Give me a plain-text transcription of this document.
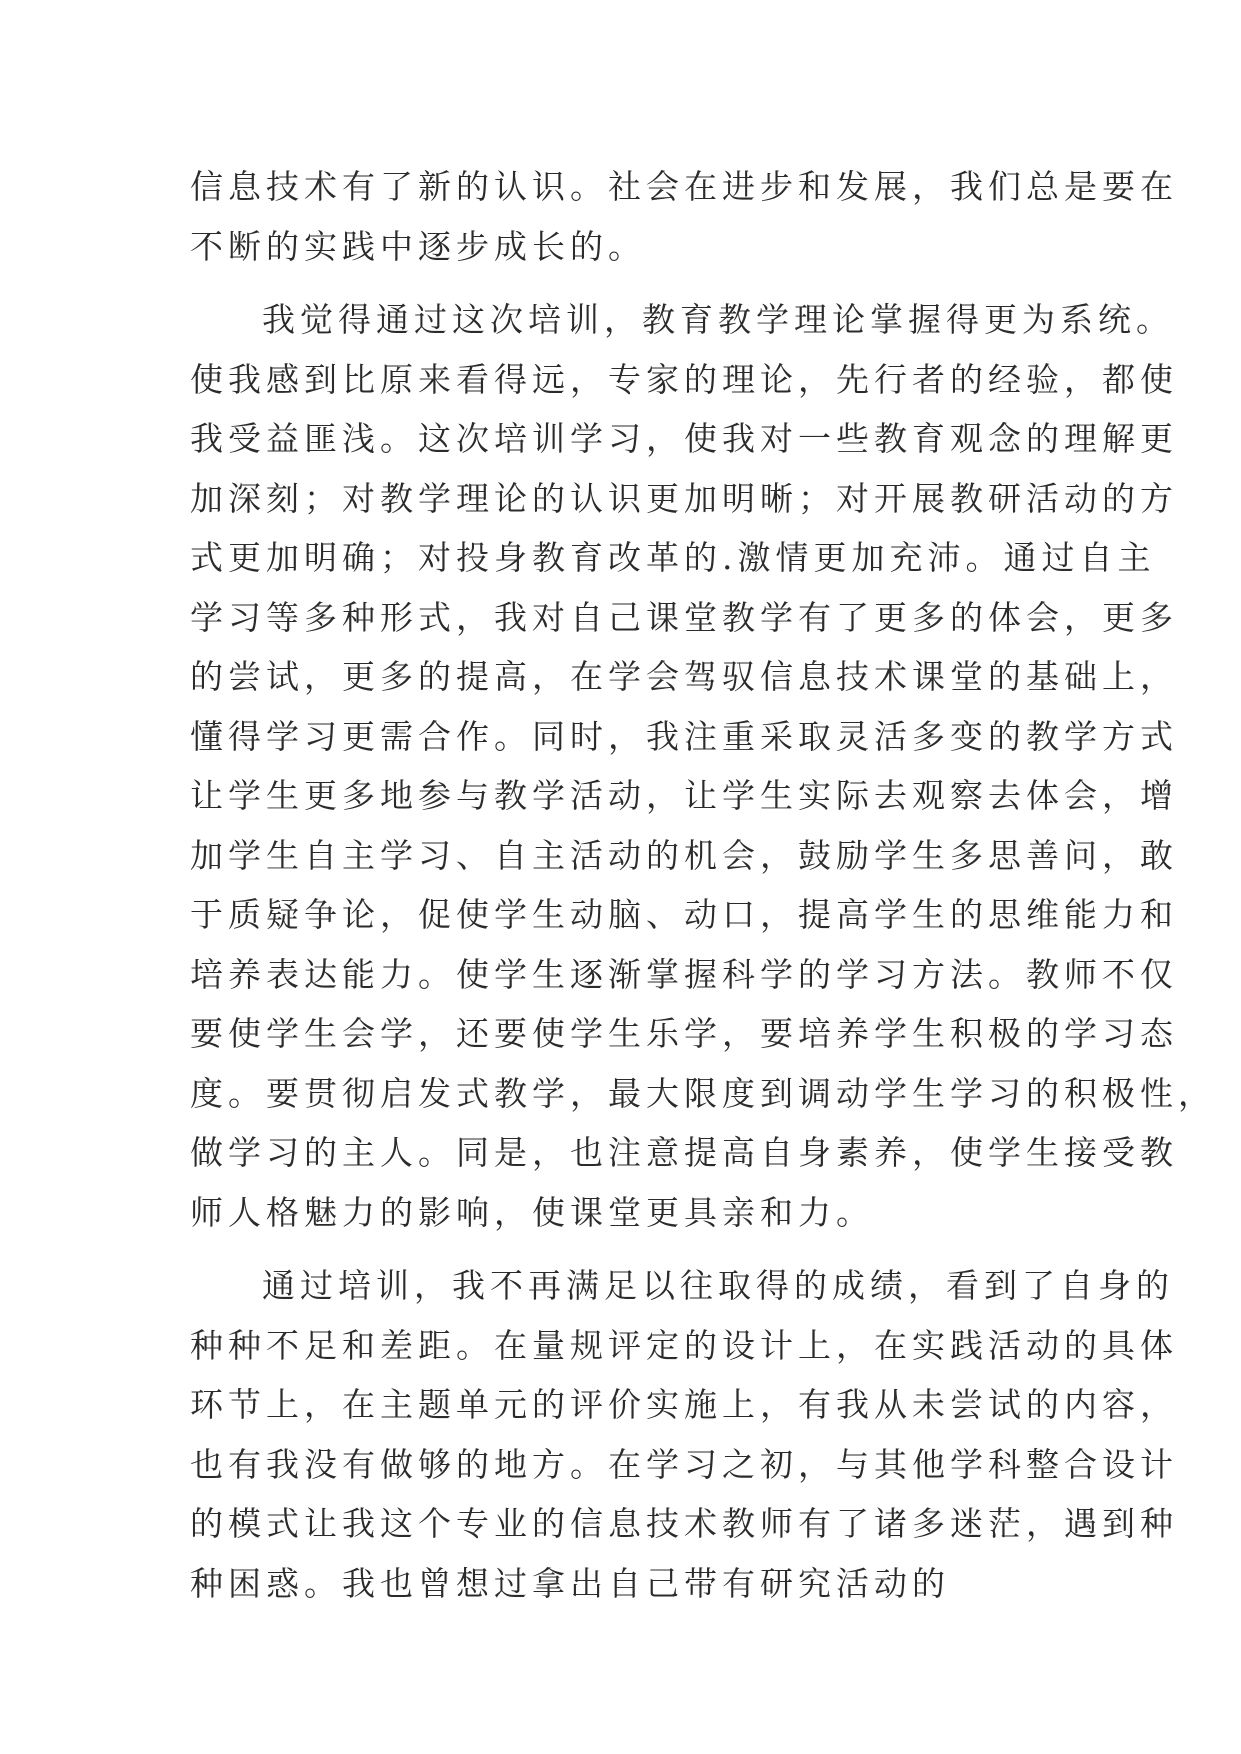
信息技术有了新的认识。社会在进步和发展，我们总是要在
不断的实践中逐步成长的。
我觉得通过这次培训，教育教学理论掌握得更为系统。
使我感到比原来看得远，专家的理论，先行者的经验，都使
我受益匪浅。这次培训学习，使我对一些教育观念的理解更
加深刻；对教学理论的认识更加明晰；对开展教研活动的方
式更加明确；对投身教育改革的.激情更加充沛。通过自主
学习等多种形式，我对自己课堂教学有了更多的体会，更多
的尝试，更多的提高，在学会驾驭信息技术课堂的基础上，
懂得学习更需合作。同时，我注重采取灵活多变的教学方式
让学生更多地参与教学活动，让学生实际去观察去体会，增
加学生自主学习、自主活动的机会，鼓励学生多思善问，敢
于质疑争论，促使学生动脑、动口，提高学生的思维能力和
培养表达能力。使学生逐渐掌握科学的学习方法。教师不仅
要使学生会学，还要使学生乐学，要培养学生积极的学习态
度。要贯彻启发式教学，最大限度到调动学生学习的积极性，
做学习的主人。同是，也注意提高自身素养，使学生接受教
师人格魅力的影响，使课堂更具亲和力。
通过培训，我不再满足以往取得的成绩，看到了自身的
种种不足和差距。在量规评定的设计上，在实践活动的具体
环节上，在主题单元的评价实施上，有我从未尝试的内容，
也有我没有做够的地方。在学习之初，与其他学科整合设计
的模式让我这个专业的信息技术教师有了诸多迷茫，遇到种
种困惑。我也曾想过拿出自己带有研究活动的
